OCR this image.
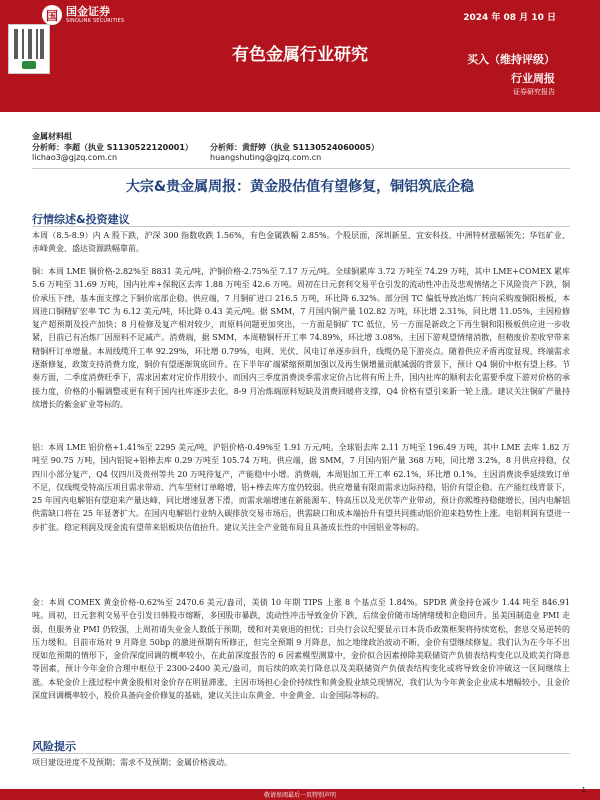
国 国金证券
SINOLINK SECURITIES	2024 年 08 月 10 日
有色金属行业研究	买入（维持评级）
行业周报
证券研究报告
金属材料组
分析师：李超（执业 S1130522120001）
lichao3@gjzq.com.cn
分析师：黄舒婷（执业 S1130524060005）
huangshuting@gjzq.com.cn
大宗&贵金属周报：黄金股估值有望修复，铜铝筑底企稳
行情综述&投资建议
本周（8.5-8.9）内 A 股下跌，沪深 300 指数收跌 1.56%，有色金属跌幅 2.85%。个股层面，深圳新星、宜安科技、中洲特材涨幅领先；华钰矿业、赤峰黄金、盛达资源跌幅靠前。
铜：本周 LME 铜价格-2.82%至 8831 美元/吨，沪铜价格-2.75%至 7.17 万元/吨。全球铜累库 3.72 万吨至 74.29 万吨，其中 LME+COMEX 累库 5.6 万吨至 31.69 万吨，国内社库+保税区去库 1.88 万吨至 42.6 万吨。周初在日元套利交易平仓引发的流动性冲击及悲观情绪之下风险资产下跌，铜价承压下挫，基本面支撑之下铜价底部企稳。供应端，7 月铜矿进口 216.5 万吨，环比降 6.32%。部分国 TC 偏低导致冶炼厂转向采购废铜阳极板，本周进口铜精矿宏率 TC 为 6.12 美元/吨，环比降 0.43 美元/吨。据 SMM，7 月国内铜产量 102.82 万吨，环比增 2.31%，同比增 11.05%，主因检修复产超预期及投产加快；8 月检修及复产相对较少，而原料问题更加突出，一方面是铜矿 TC 低位，另一方面是新政之下再生铜和阳极板供应进一步收紧，目前已有冶炼厂因原料不足减产。消费端，据 SMM，本周精铜杆开工率 74.89%，环比增 3.08%，主因下游观望情绪消散，但精废价差收窄带来精铜杆订单增量。本周线缆开工率 92.29%，环比增 0.79%，电网、光伏、风电订单逐步回升，线缆仍是下游亮点。随着供应矛盾再度显现、终端需求逐渐修复，政策支持消费力度，铜价有望逐渐筑底回升。在下半年矿端紧缩预期加强以及再生铜增量贡献减弱的背景下，预计 Q4 铜价中枢有望上移。节奏方面，二季度消费旺季下，需求因素对定价作用较小，而国内三季度消费淡季需求定价占比将有所上升，国内社库的顺利去化需要季度下游对价格的承接力度，价格的小幅调整或更有利于国内社库逐步去化，8-9 月冶炼端原料短缺及消费回暖将支撑，Q4 价格有望引来新一轮上涨。建议关注铜矿产量持续增长的紫金矿业等标的。
铝：本周 LME 铝价格+1.41%至 2295 美元/吨，沪铝价格-0.49%至 1.91 万元/吨。全球铝去库 2.11 万吨至 196.49 万吨，其中 LME 去库 1.82 万吨至 90.75 万吨，国内铝锭+铝棒去库 0.29 万吨至 105.74 万吨。供应端，据 SMM，7 月国内铝产量 368 万吨，同比增 3.2%，8 月供应持稳，仅四川小部分复产，Q4 仅四川及贵州等共 20 万吨待复产，产能稳中小增。消费端，本周铝加工开工率 62.1%，环比增 0.1%，主因消费淡季延续致订单不足，仅线缆受特高压项目需求带动、汽车型材订单略增，铝+棒去库方度仍较弱。供应增量有限而需求边际持稳，铝价有望企稳。在产能红线背景下，25 年国内电解铝有望迎来产量达峰，同比增速显著下滑，而需求端增速在新能源车、特高压以及光伏等产业带动，预计你熙维持稳健增长，国内电解铝供需缺口将在 25 年显著扩大。在国内电解铝行业纳入碳排放交易市场后，供需缺口和成本端抬升有望共同推动铝价迎来趋势性上涨。电铝利润有望进一步扩张。稳定利润及现金流有望带来铝板块估值抬升。建议关注全产业链布局且具备成长性的中国铝业等标的。
金：本周 COMEX 黄金价格-0.62%至 2470.6 美元/盎司，美债 10 年期 TIPS 上涨 8 个基点至 1.84%。SPDR 黄金持仓减少 1.44 吨至 846.91 吨。周初，日元套利交易平仓引发日韩股市熔断，多国股市暴跌，流动性冲击导致金价下跌，后续金价随市场情绪缓和企稳回升。虽美国制造业 PMI 走弱，但服务业 PMI 仍较强，上周初请失业金人数低于预期，缓和对美衰退的担忧；日央行会议纪要显示日本货币政策框架将持续宽松，套息交易逆转的压力缓和。目前市场对 9 月降息 50bp 的激进预期有所修正，但完全预期 9 月降息，加之地缘政治波动不断，金价有望继续修复。我们认为在今年不出现如危预期的情形下，金价深度回调的概率较小，在此前深度报告的 6 因素模型测算中，金价拟合因素掉除美联储资产负债表结构变化以及欧美行降息等因素，预计今年金价合理中枢位于 2300-2400 美元/盎司，而后续的欧美行降息以及美联储资产负债表结构变化或将导致金价冲破这一区间继续上涨。本轮金价上涨过程中黄金股相对金价存在明显滞涨，主因市场担心金价持续性和黄金股业绩兑现情况，我们认为今年黄金企业成本增幅较小，且金价深度回调概率较小，股价具备向金价修复的基础，建议关注山东黄金、中金黄金、山金国际等标的。
风险提示
项目建设进度不及预期；需求不及预期；金属价格波动。
敬请参阅最后一页特别声明
1
